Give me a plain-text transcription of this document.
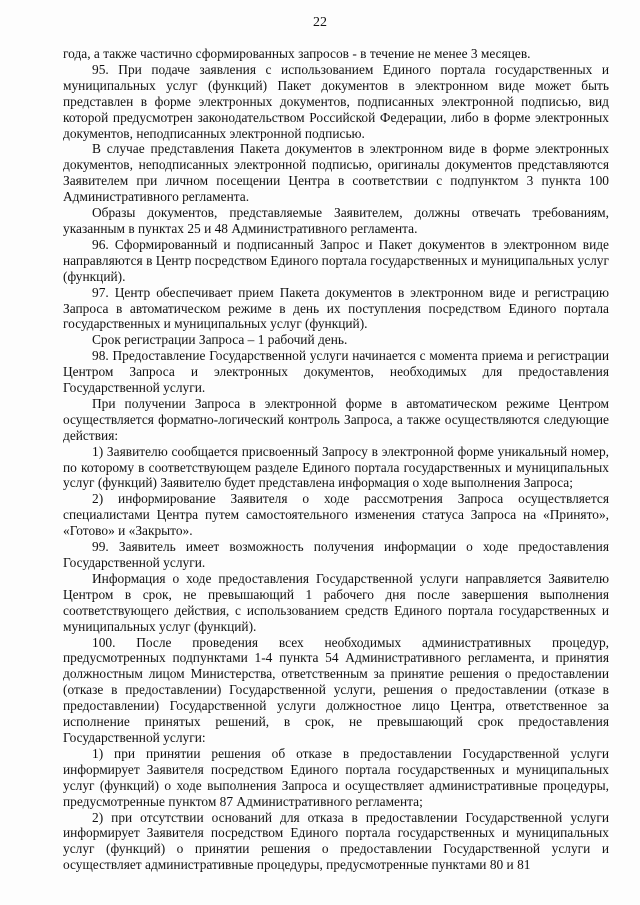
22

года, а также частично сформированных запросов - в течение не менее 3 месяцев.

95. При подаче заявления с использованием Единого портала государственных и муниципальных услуг (функций) Пакет документов в электронном виде может быть представлен в форме электронных документов, подписанных электронной подписью, вид которой предусмотрен законодательством Российской Федерации, либо в форме электронных документов, неподписанных электронной подписью.

В случае представления Пакета документов в электронном виде в форме электронных документов, неподписанных электронной подписью, оригиналы документов представляются Заявителем при личном посещении Центра в соответствии с подпунктом 3 пункта 100 Административного регламента.

Образы документов, представляемые Заявителем, должны отвечать требованиям, указанным в пунктах 25 и 48 Административного регламента.

96. Сформированный и подписанный Запрос и Пакет документов в электронном виде направляются в Центр посредством Единого портала государственных и муниципальных услуг (функций).

97. Центр обеспечивает прием Пакета документов в электронном виде и регистрацию Запроса в автоматическом режиме в день их поступления посредством Единого портала государственных и муниципальных услуг (функций).

Срок регистрации Запроса – 1 рабочий день.

98. Предоставление Государственной услуги начинается с момента приема и регистрации Центром Запроса и электронных документов, необходимых для предоставления Государственной услуги.

При получении Запроса в электронной форме в автоматическом режиме Центром осуществляется форматно-логический контроль Запроса, а также осуществляются следующие действия:

1) Заявителю сообщается присвоенный Запросу в электронной форме уникальный номер, по которому в соответствующем разделе Единого портала государственных и муниципальных услуг (функций) Заявителю будет представлена информация о ходе выполнения Запроса;

2) информирование Заявителя о ходе рассмотрения Запроса осуществляется специалистами Центра путем самостоятельного изменения статуса Запроса на «Принято», «Готово» и «Закрыто».

99. Заявитель имеет возможность получения информации о ходе предоставления Государственной услуги.

Информация о ходе предоставления Государственной услуги направляется Заявителю Центром в срок, не превышающий 1 рабочего дня после завершения выполнения соответствующего действия, с использованием средств Единого портала государственных и муниципальных услуг (функций).

100. После проведения всех необходимых административных процедур, предусмотренных подпунктами 1-4 пункта 54 Административного регламента, и принятия должностным лицом Министерства, ответственным за принятие решения о предоставлении (отказе в предоставлении) Государственной услуги, решения о предоставлении (отказе в предоставлении) Государственной услуги должностное лицо Центра, ответственное за исполнение принятых решений, в срок, не превышающий срок предоставления Государственной услуги:

1) при принятии решения об отказе в предоставлении Государственной услуги информирует Заявителя посредством Единого портала государственных и муниципальных услуг (функций) о ходе выполнения Запроса и осуществляет административные процедуры, предусмотренные пунктом 87 Административного регламента;

2) при отсутствии оснований для отказа в предоставлении Государственной услуги информирует Заявителя посредством Единого портала государственных и муниципальных услуг (функций) о принятии решения о предоставлении Государственной услуги и осуществляет административные процедуры, предусмотренные пунктами 80 и 81
